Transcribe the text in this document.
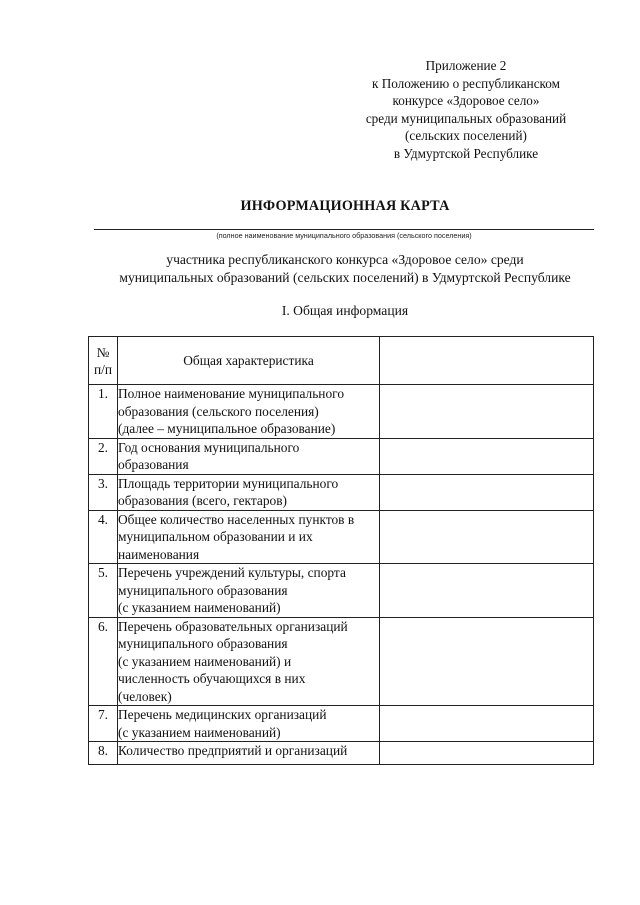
Приложение 2
к Положению о республиканском
конкурсе «Здоровое село»
среди муниципальных образований
(сельских поселений)
в Удмуртской Республике
ИНФОРМАЦИОННАЯ КАРТА
(полное наименование муниципального образования (сельского поселения)
участника республиканского конкурса «Здоровое село» среди
муниципальных образований (сельских поселений) в Удмуртской Республике
I. Общая информация
№
п/п	Общая характеристика	
1.	Полное наименование муниципального
образования (сельского поселения)
(далее – муниципальное образование)	

2.	Год основания муниципального
образования	

3.	Площадь территории муниципального
образования (всего, гектаров)	

4.	Общее количество населенных пунктов в
муниципальном образовании и их
наименования	

5.	Перечень учреждений культуры, спорта
муниципального образования
(с указанием наименований)	

6.	Перечень образовательных организаций
муниципального образования
(с указанием наименований) и
численность обучающихся в них
(человек)	

7.	Перечень медицинских организаций
(с указанием наименований)	

8.	Количество предприятий и организаций	
